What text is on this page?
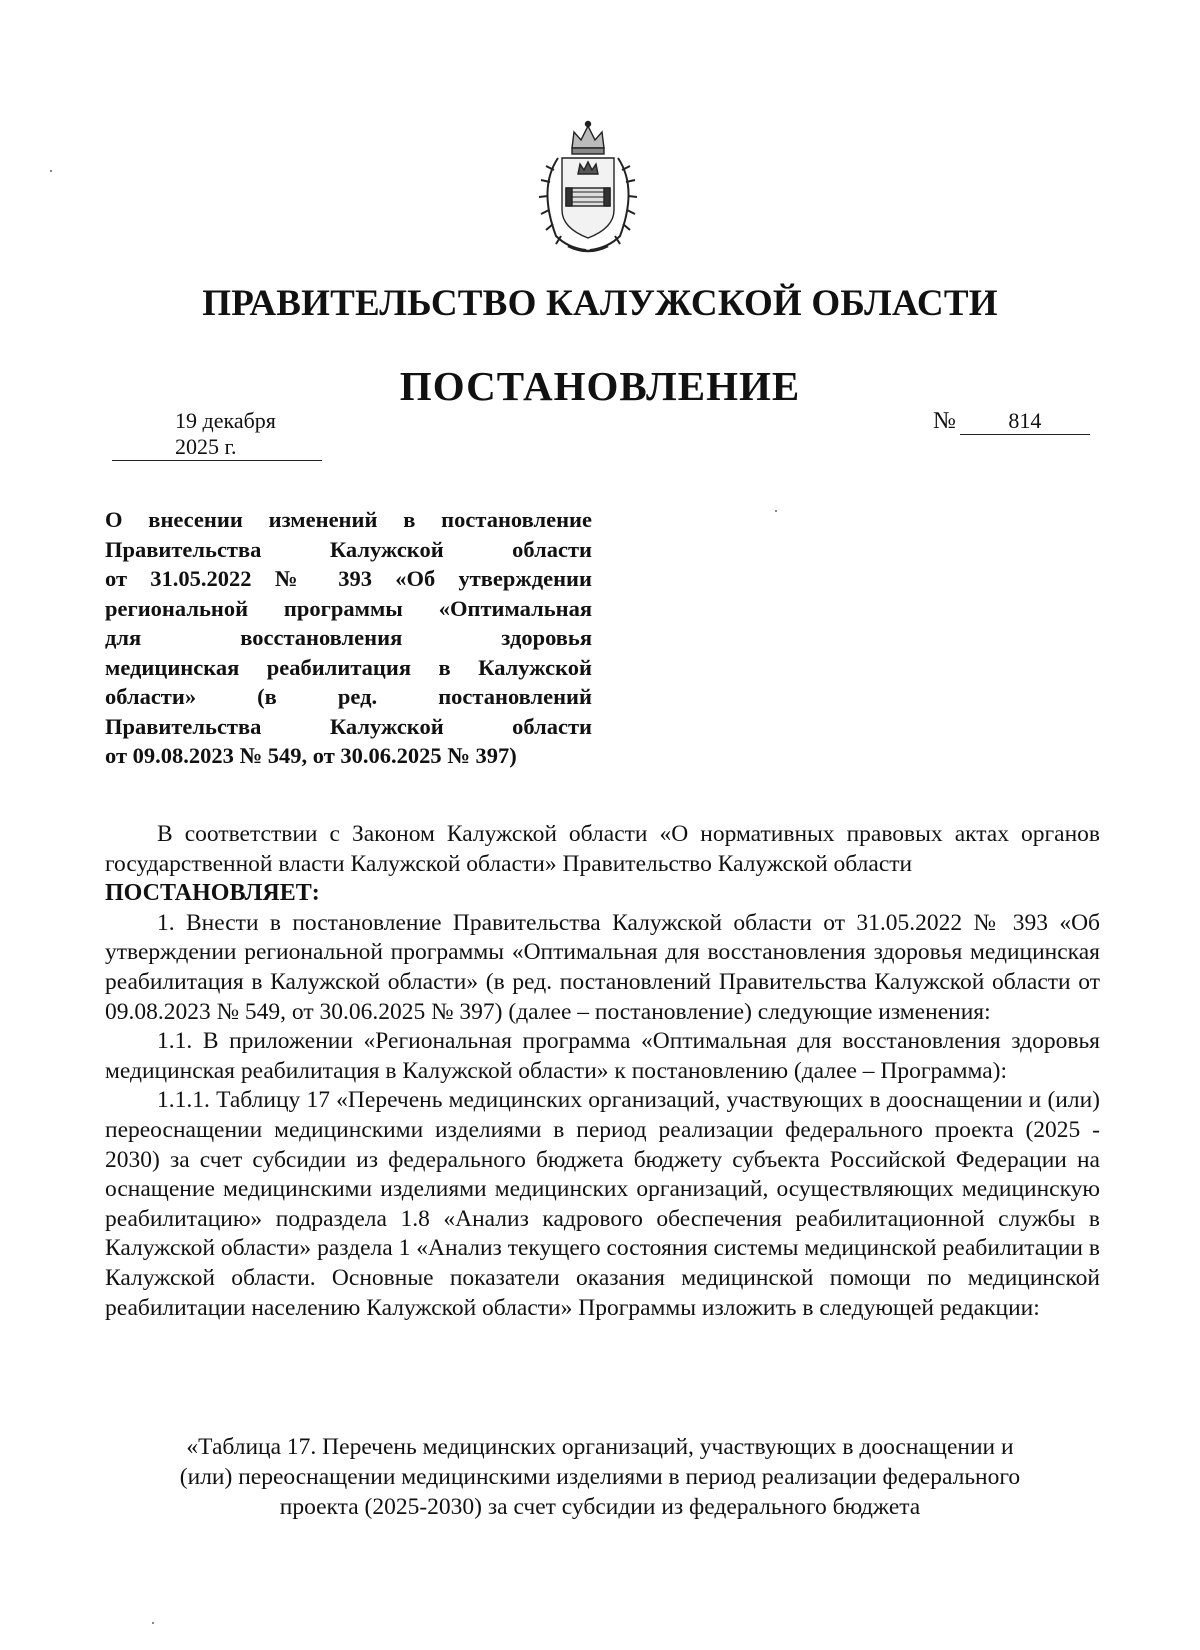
ПРАВИТЕЛЬСТВО КАЛУЖСКОЙ ОБЛАСТИ
ПОСТАНОВЛЕНИЕ
19 декабря 2025 г.
№ 814
О внесении изменений в постановление
Правительства Калужской области
от 31.05.2022 № 393 «Об утверждении
региональной программы «Оптимальная
для восстановления здоровья
медицинская реабилитация в Калужской
области» (в ред. постановлений
Правительства Калужской области
от 09.08.2023 № 549, от 30.06.2025 № 397)

В соответствии с Законом Калужской области «О нормативных правовых актах органов государственной власти Калужской области» Правительство Калужской области

ПОСТАНОВЛЯЕТ:

1. Внести в постановление Правительства Калужской области от 31.05.2022 № 393 «Об утверждении региональной программы «Оптимальная для восстановления здоровья медицинская реабилитация в Калужской области» (в ред. постановлений Правительства Калужской области от 09.08.2023 № 549, от 30.06.2025 № 397) (далее – постановление) следующие изменения:

1.1. В приложении «Региональная программа «Оптимальная для восстановления здоровья медицинская реабилитация в Калужской области» к постановлению (далее – Программа):

1.1.1. Таблицу 17 «Перечень медицинских организаций, участвующих в дооснащении и (или) переоснащении медицинскими изделиями в период реализации федерального проекта (2025 - 2030) за счет субсидии из федерального бюджета бюджету субъекта Российской Федерации на оснащение медицинскими изделиями медицинских организаций, осуществляющих медицинскую реабилитацию» подраздела 1.8 «Анализ кадрового обеспечения реабилитационной службы в Калужской области» раздела 1 «Анализ текущего состояния системы медицинской реабилитации в Калужской области. Основные показатели оказания медицинской помощи по медицинской реабилитации населению Калужской области» Программы изложить в следующей редакции:

«Таблица 17. Перечень медицинских организаций, участвующих в дооснащении и
(или) переоснащении медицинскими изделиями в период реализации федерального
проекта (2025-2030) за счет субсидии из федерального бюджета
